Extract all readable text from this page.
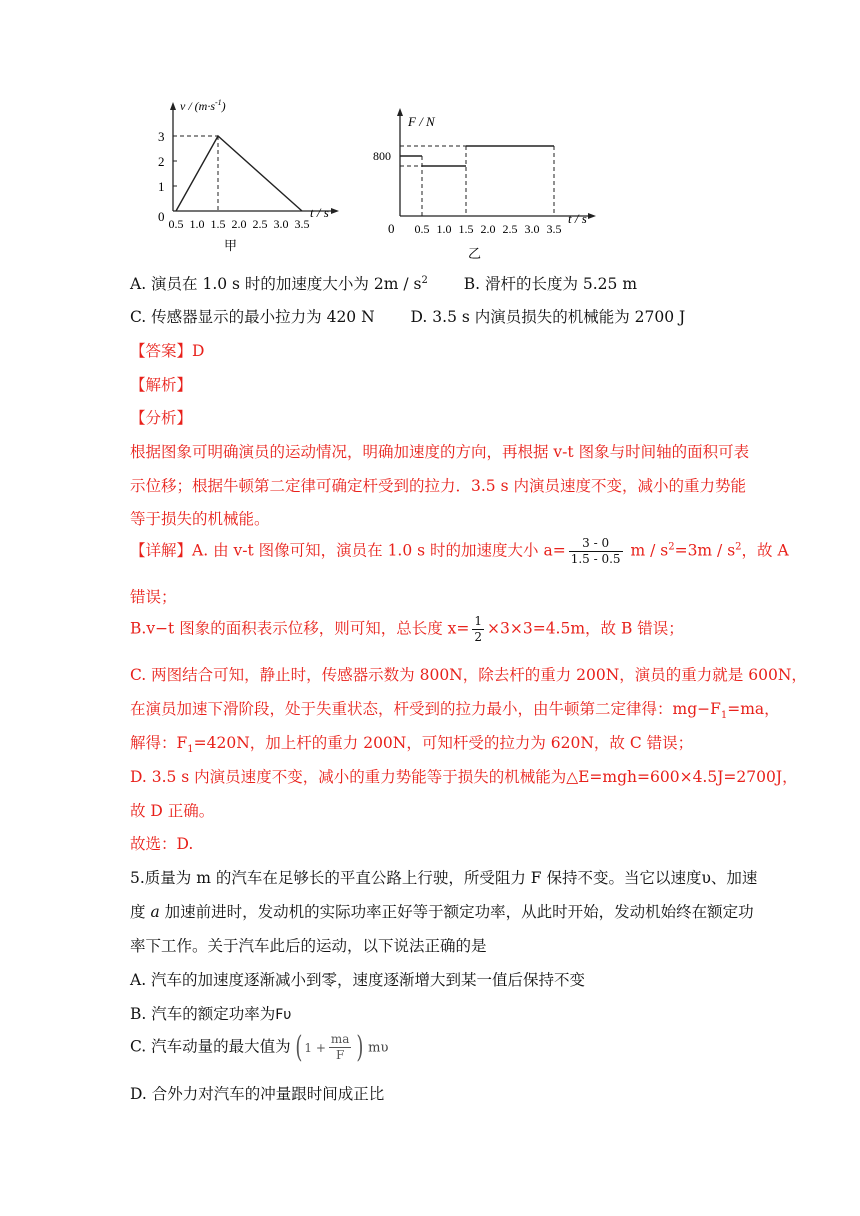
3
2
1
0 0.5 1.0 1.5 2.0 2.5 3.0 3.5
$v / (m\cdot s^{-1})$
t / s
甲
800
0 0.5 1.0 1.5 2.0 2.5 3.0 3.5
F / N
t / s
乙
A. 演员在 1.0 s 时的加速度大小为 $2m / s^2$ B. 滑杆的长度为 5.25 m
C. 传感器显示的最小拉力为 420 N D. 3.5 s 内演员损失的机械能为 2700 J
【答案】D
【解析】
【分析】
根据图象可明确演员的运动情况，明确加速度的方向，再根据 v-t 图象与时间轴的面积可表
示位移；根据牛顿第二定律可确定杆受到的拉力．3.5 s 内演员速度不变，减小的重力势能
等于损失的机械能。
【详解】A. 由 v-t 图像可知，演员在 1.0 s 时的加速度大小 $a= \frac{3 - 0}{1.5 - 0.5}$ $m / s^2=3m / s^2$，故 A
错误；
B.v−t 图象的面积表示位移，则可知，总长度 $x= \frac{1}{2} \times 3\times 3=4.5m$，故 B 错误；
C. 两图结合可知，静止时，传感器示数为 800N，除去杆的重力 200N，演员的重力就是 600N，
在演员加速下滑阶段，处于失重状态，杆受到的拉力最小，由牛顿第二定律得：$mg-F_1=ma$，
解得：$F_1=420N$，加上杆的重力 200N，可知杆受的拉力为 620N，故 C 错误；
D. 3.5 s 内演员速度不变，减小的重力势能等于损失的机械能为△E=mgh=600×4.5J=2700J，
故 D 正确。
故选：D.
5.质量为 m 的汽车在足够长的平直公路上行驶，所受阻力 F 保持不变。当它以速度υ、加速
度 a 加速前进时，发动机的实际功率正好等于额定功率，从此时开始，发动机始终在额定功
率下工作。关于汽车此后的运动，以下说法正确的是
A. 汽车的加速度逐渐减小到零，速度逐渐增大到某一值后保持不变
B. 汽车的额定功率为Fυ
C. 汽车动量的最大值为 ( $1 + \frac{ma}{F}$ ) mυ
D. 合外力对汽车的冲量跟时间成正比
